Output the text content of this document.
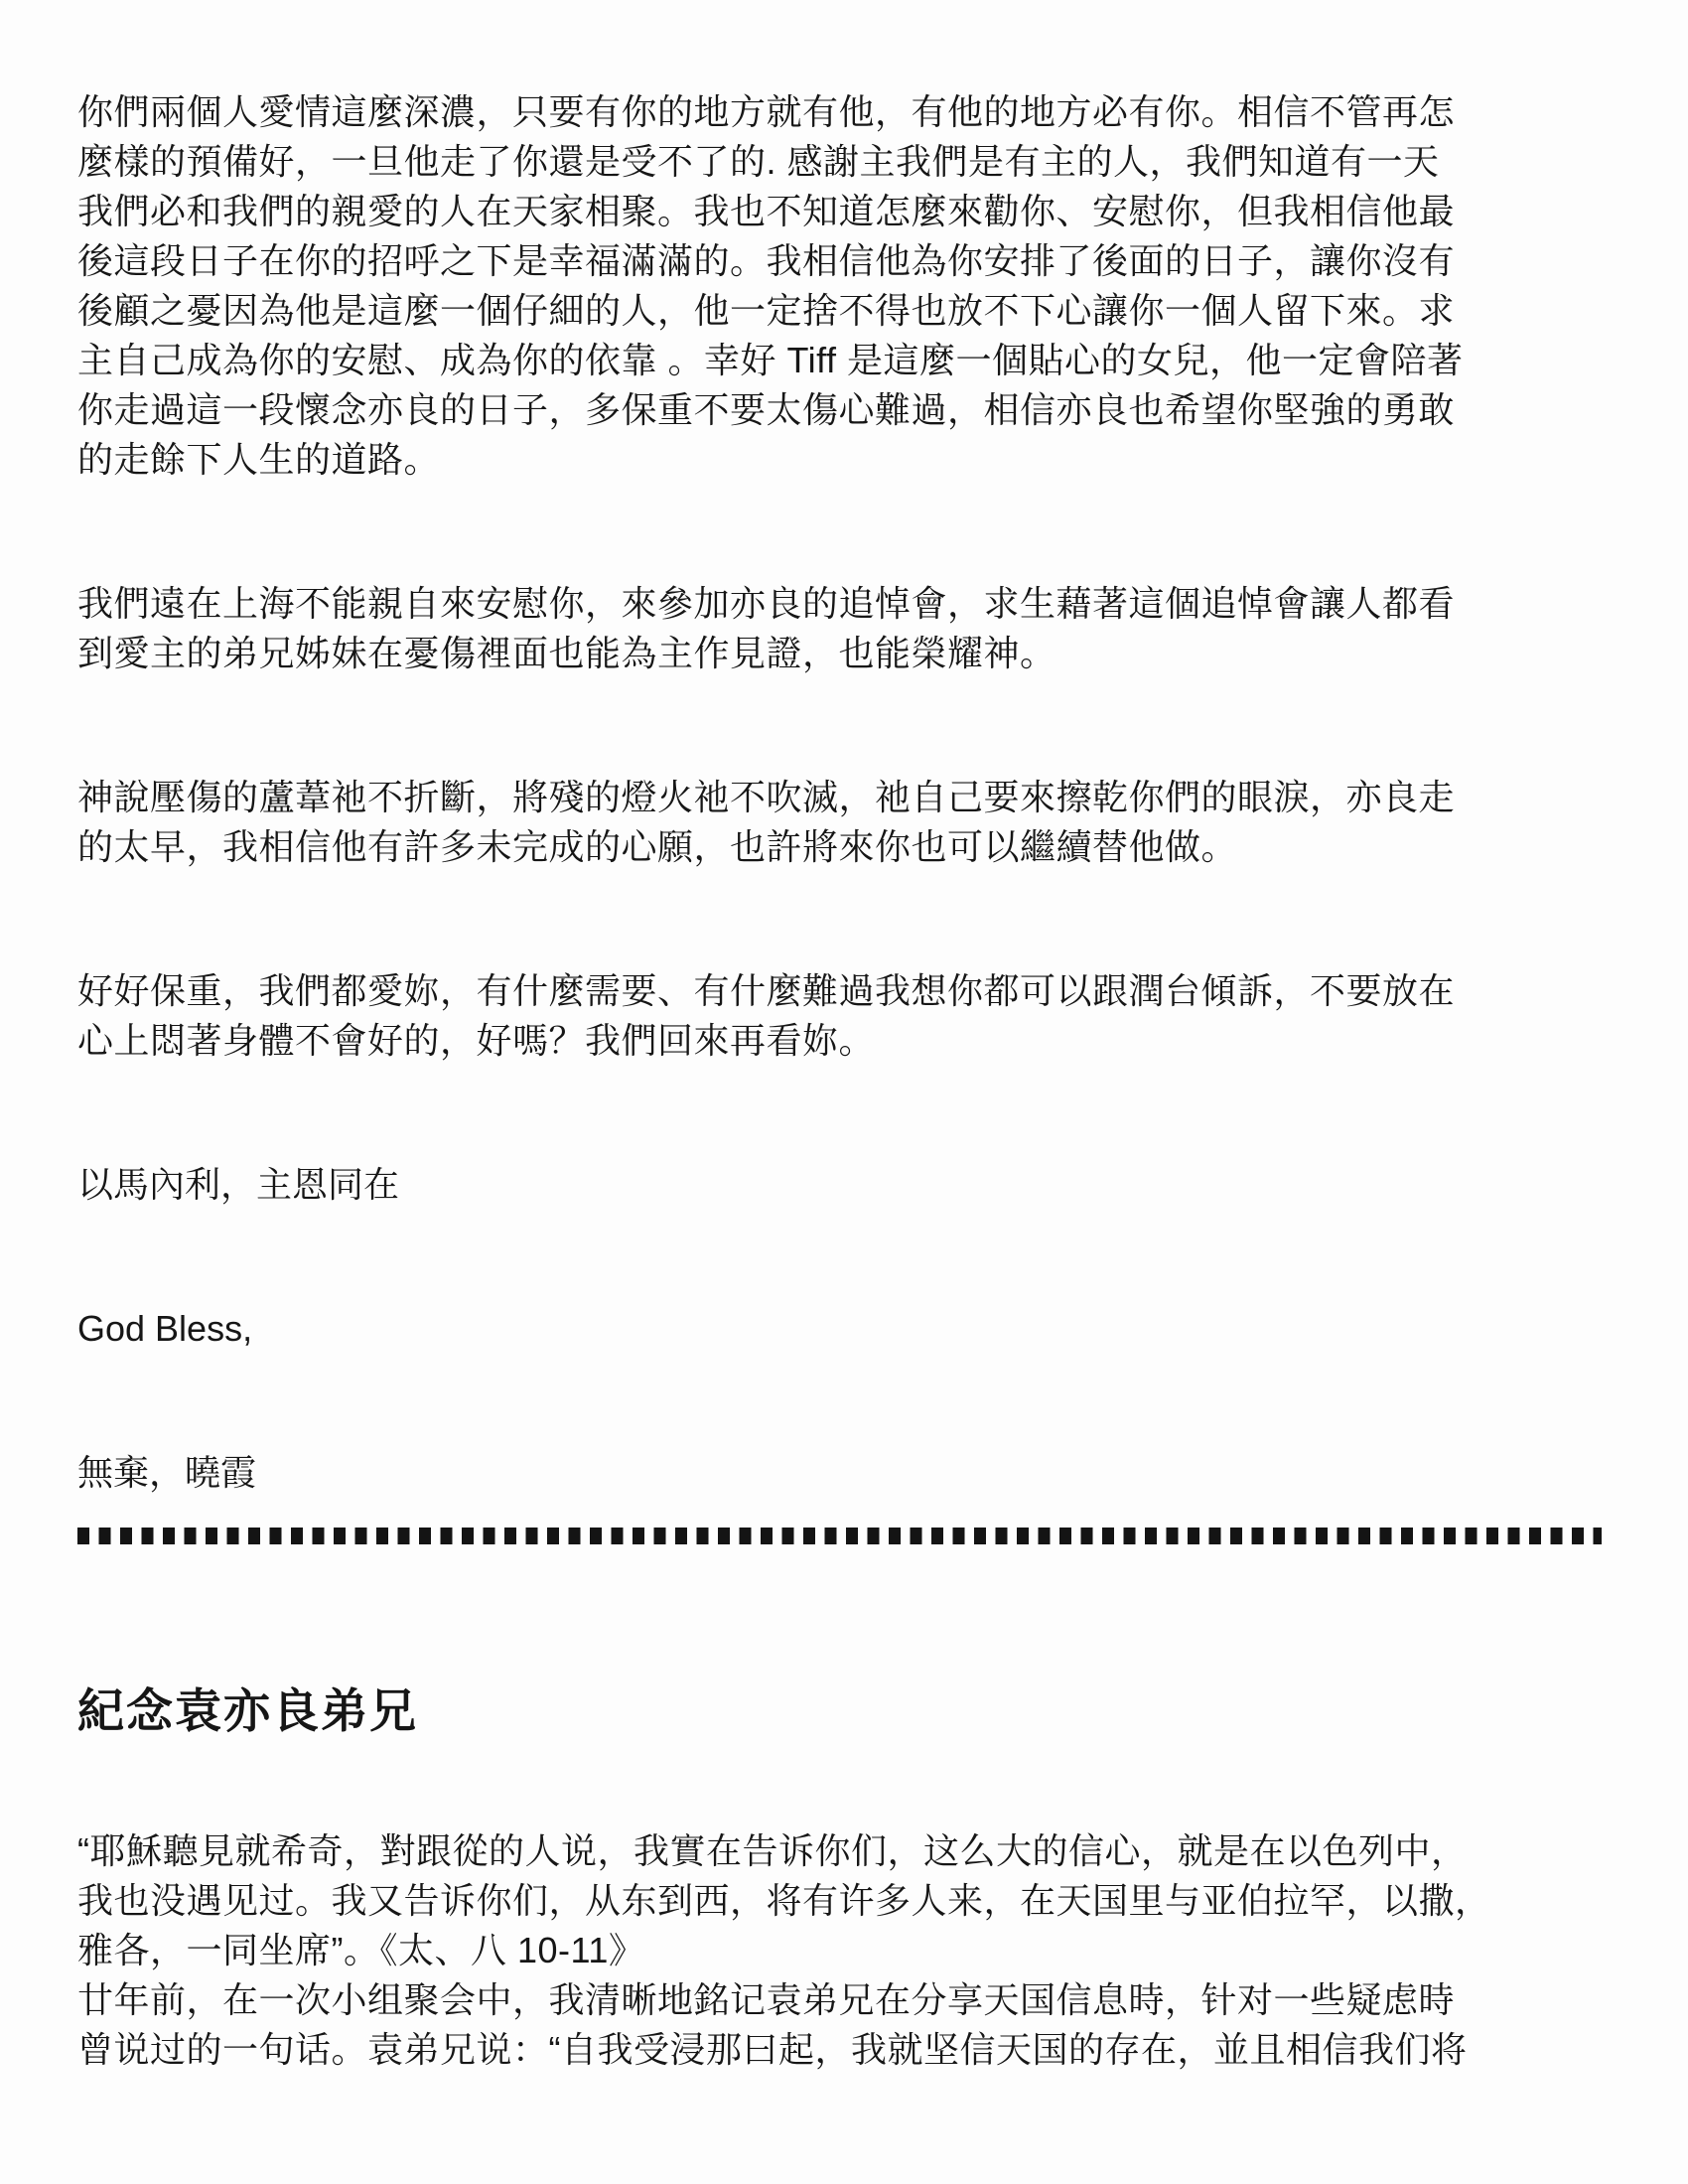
你們兩個人愛情這麼深濃，只要有你的地方就有他，有他的地方必有你。相信不管再怎
麼樣的預備好，一旦他走了你還是受不了的. 感謝主我們是有主的人，我們知道有一天
我們必和我們的親愛的人在天家相聚。我也不知道怎麼來勸你、安慰你，但我相信他最
後這段日子在你的招呼之下是幸福滿滿的。我相信他為你安排了後面的日子，讓你沒有
後顧之憂因為他是這麼一個仔細的人，他一定捨不得也放不下心讓你一個人留下來。求
主自己成為你的安慰、成為你的依靠 。幸好 Tiff 是這麼一個貼心的女兒，他一定會陪著
你走過這一段懷念亦良的日子，多保重不要太傷心難過，相信亦良也希望你堅強的勇敢
的走餘下人生的道路。

我們遠在上海不能親自來安慰你，來參加亦良的追悼會，求生藉著這個追悼會讓人都看
到愛主的弟兄姊妹在憂傷裡面也能為主作見證，也能榮耀神。

神說壓傷的蘆葦祂不折斷，將殘的燈火祂不吹滅，祂自己要來擦乾你們的眼淚，亦良走
的太早，我相信他有許多未完成的心願，也許將來你也可以繼續替他做。

好好保重，我們都愛妳，有什麼需要、有什麼難過我想你都可以跟潤台傾訴，不要放在
心上悶著身體不會好的，好嗎？我們回來再看妳。

以馬內利，主恩同在

God Bless,

無棄，曉霞

紀念袁亦良弟兄

“耶穌聽見就希奇，對跟從的人说，我實在告诉你们，这么大的信心，就是在以色列中，
我也没遇见过。我又告诉你们，从东到西，将有许多人来，在天国里与亚伯拉罕，以撒，
雅各，一同坐席”。《太、八 10-11》
廿年前，在一次小组聚会中，我清晰地銘记袁弟兄在分享天国信息時，针对一些疑虑時
曾说过的一句话。袁弟兄说：“自我受浸那曰起，我就坚信天国的存在，並且相信我们将
